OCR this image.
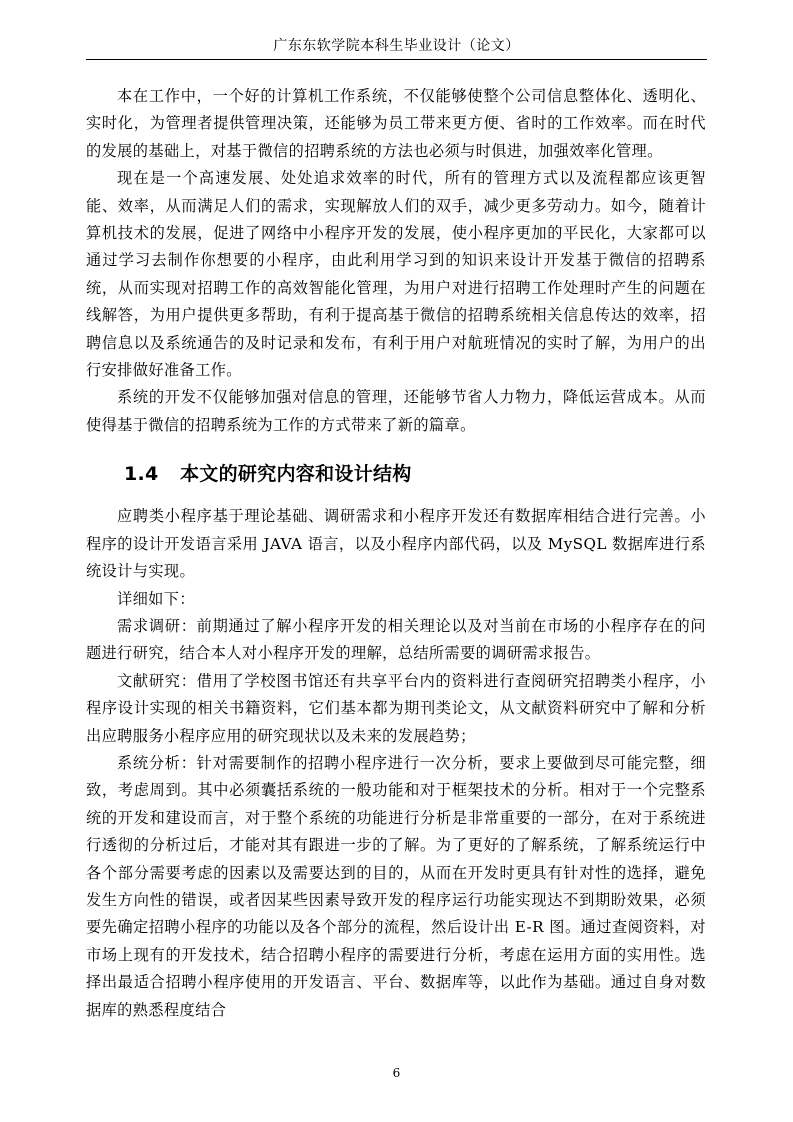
广东东软学院本科生毕业设计（论文）

本在工作中，一个好的计算机工作系统，不仅能够使整个公司信息整体化、透明化、实时化，为管理者提供管理决策，还能够为员工带来更方便、省时的工作效率。而在时代的发展的基础上，对基于微信的招聘系统的方法也必须与时俱进，加强效率化管理。

现在是一个高速发展、处处追求效率的时代，所有的管理方式以及流程都应该更智能、效率，从而满足人们的需求，实现解放人们的双手，减少更多劳动力。如今，随着计算机技术的发展，促进了网络中小程序开发的发展，使小程序更加的平民化，大家都可以通过学习去制作你想要的小程序，由此利用学习到的知识来设计开发基于微信的招聘系统，从而实现对招聘工作的高效智能化管理，为用户对进行招聘工作处理时产生的问题在线解答，为用户提供更多帮助，有利于提高基于微信的招聘系统相关信息传达的效率，招聘信息以及系统通告的及时记录和发布，有利于用户对航班情况的实时了解，为用户的出行安排做好准备工作。

系统的开发不仅能够加强对信息的管理，还能够节省人力物力，降低运营成本。从而使得基于微信的招聘系统为工作的方式带来了新的篇章。

1.4 本文的研究内容和设计结构

应聘类小程序基于理论基础、调研需求和小程序开发还有数据库相结合进行完善。小程序的设计开发语言采用 JAVA 语言，以及小程序内部代码，以及 MySQL 数据库进行系统设计与实现。

详细如下：

需求调研：前期通过了解小程序开发的相关理论以及对当前在市场的小程序存在的问题进行研究，结合本人对小程序开发的理解，总结所需要的调研需求报告。

文献研究：借用了学校图书馆还有共享平台内的资料进行查阅研究招聘类小程序，小程序设计实现的相关书籍资料，它们基本都为期刊类论文，从文献资料研究中了解和分析出应聘服务小程序应用的研究现状以及未来的发展趋势；

系统分析：针对需要制作的招聘小程序进行一次分析，要求上要做到尽可能完整，细致，考虑周到。其中必须囊括系统的一般功能和对于框架技术的分析。相对于一个完整系统的开发和建设而言，对于整个系统的功能进行分析是非常重要的一部分，在对于系统进行透彻的分析过后，才能对其有跟进一步的了解。为了更好的了解系统，了解系统运行中各个部分需要考虑的因素以及需要达到的目的，从而在开发时更具有针对性的选择，避免发生方向性的错误，或者因某些因素导致开发的程序运行功能实现达不到期盼效果，必须要先确定招聘小程序的功能以及各个部分的流程，然后设计出 E-R 图。通过查阅资料，对市场上现有的开发技术，结合招聘小程序的需要进行分析，考虑在运用方面的实用性。选择出最适合招聘小程序使用的开发语言、平台、数据库等，以此作为基础。通过自身对数据库的熟悉程度结合

6
